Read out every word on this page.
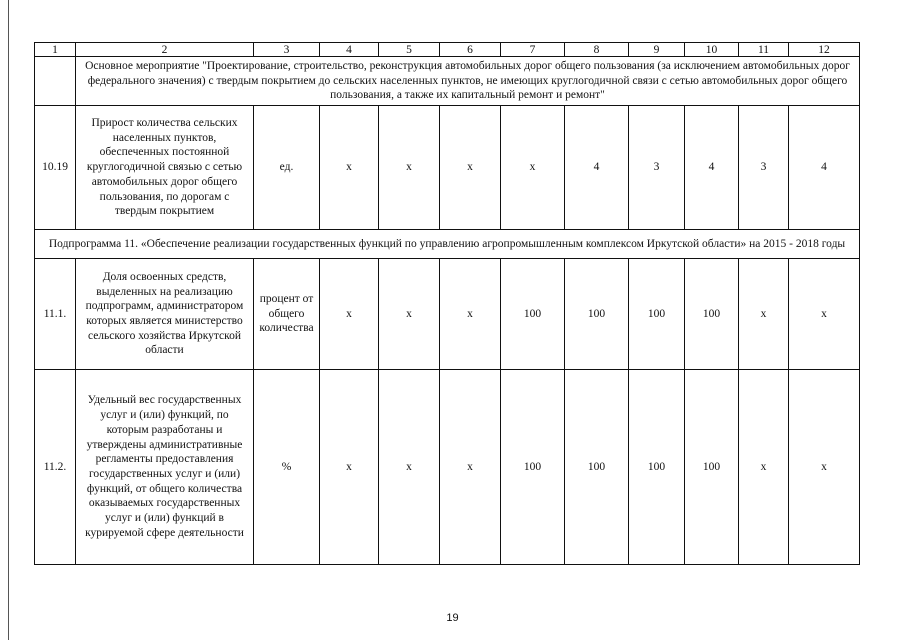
1	2	3	4	5	6	7	8	9	10	11	12
	Основное мероприятие "Проектирование, строительство, реконструкция автомобильных дорог общего пользования (за исключением автомобильных дорог федерального значения) с твердым покрытием до сельских населенных пунктов, не имеющих круглогодичной связи с сетью автомобильных дорог общего пользования, а также их капитальный ремонт и ремонт"										
10.19	Прирост количества сельских населенных пунктов, обеспеченных постоянной круглогодичной связью с сетью автомобильных дорог общего пользования, по дорогам с твердым покрытием	ед.	х	х	х	х	4	3	4	3	4
Подпрограмма 11. «Обеспечение реализации государственных функций по управлению агропромышленным комплексом Иркутской области» на 2015 - 2018 годы											
11.1.	Доля освоенных средств, выделенных на реализацию подпрограмм, администратором которых является министерство сельского хозяйства Иркутской области	процент от общего количества	х	х	х	100	100	100	100	х	х
11.2.	Удельный вес государственных услуг и (или) функций, по которым разработаны и утверждены административные регламенты предоставления государственных услуг и (или) функций, от общего количества оказываемых государственных услуг и (или) функций в курируемой сфере деятельности	%	х	х	х	100	100	100	100	х	х
19
